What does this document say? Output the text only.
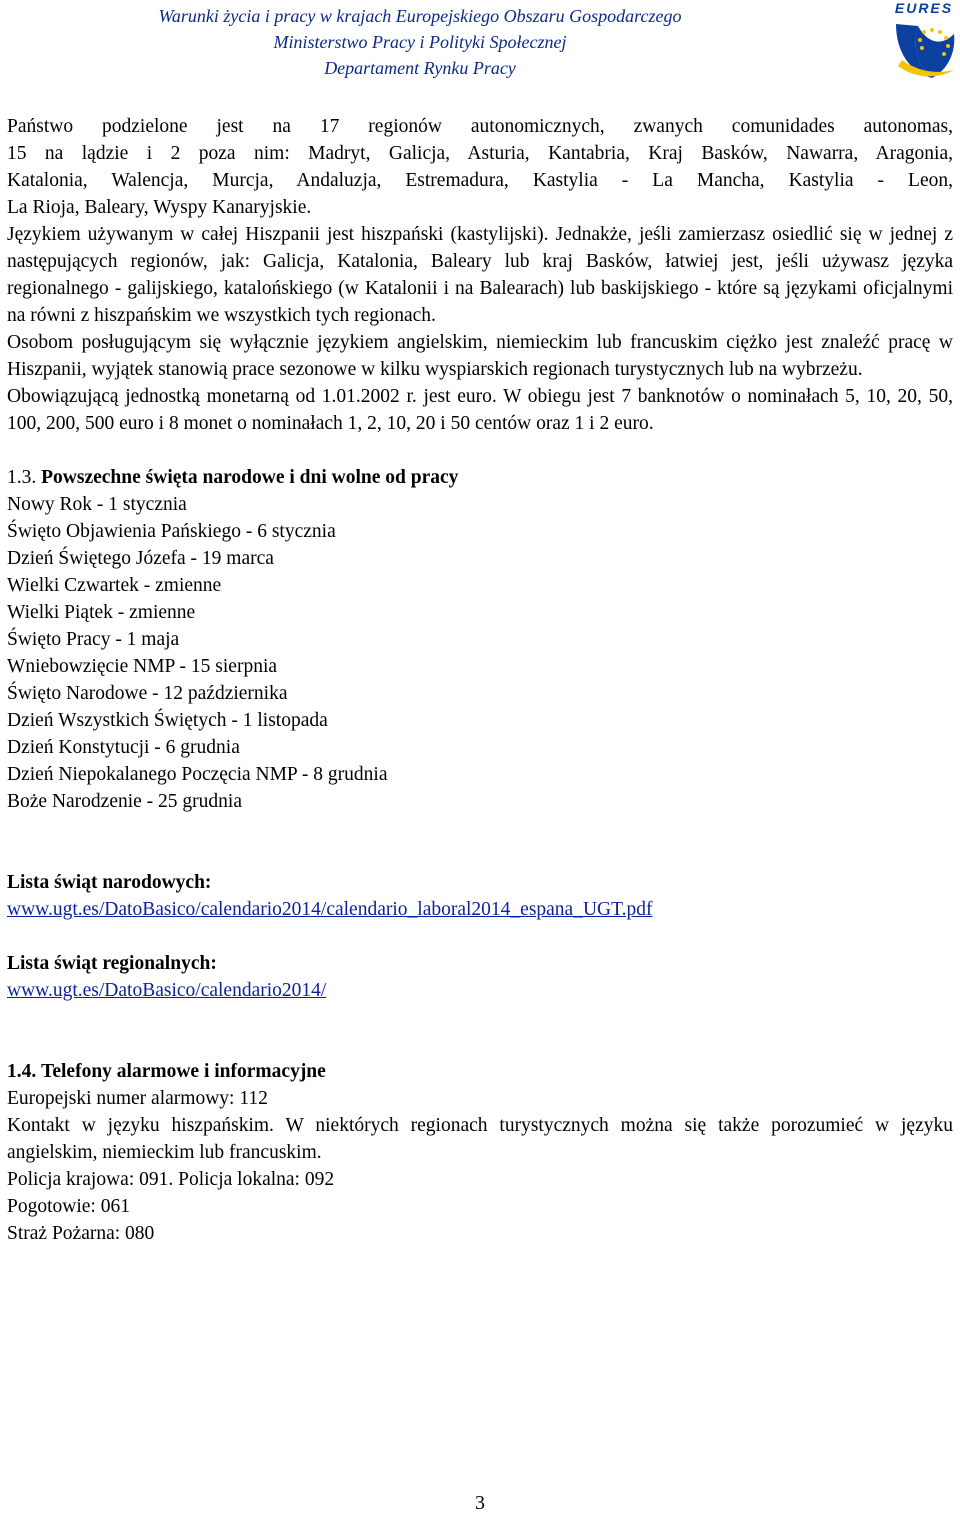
Warunki życia i pracy w krajach Europejskiego Obszaru Gospodarczego
Ministerstwo Pracy i Polityki Społecznej
Departament Rynku Pracy
EURES

Państwo podzielone jest na 17 regionów autonomicznych, zwanych comunidades autonomas,

15 na lądzie i 2 poza nim: Madryt, Galicja, Asturia, Kantabria, Kraj Basków, Nawarra, Aragonia,

Katalonia, Walencja, Murcja, Andaluzja, Estremadura, Kastylia - La Mancha, Kastylia - Leon,

La Rioja, Baleary, Wyspy Kanaryjskie.

Językiem używanym w całej Hiszpanii jest hiszpański (kastylijski). Jednakże, jeśli zamierzasz osiedlić się w jednej z następujących regionów, jak: Galicja, Katalonia, Baleary lub kraj Basków, łatwiej jest, jeśli używasz języka regionalnego - galijskiego, katalońskiego (w Katalonii i na Balearach) lub baskijskiego - które są językami oficjalnymi na równi z hiszpańskim we wszystkich tych regionach.

Osobom posługującym się wyłącznie językiem angielskim, niemieckim lub francuskim ciężko jest znaleźć pracę w Hiszpanii, wyjątek stanowią prace sezonowe w kilku wyspiarskich regionach turystycznych lub na wybrzeżu.

Obowiązującą jednostką monetarną od 1.01.2002 r. jest euro. W obiegu jest 7 banknotów o nominałach 5, 10, 20, 50, 100, 200, 500 euro i 8 monet o nominałach 1, 2, 10, 20 i 50 centów oraz 1 i 2 euro.

1.3. Powszechne święta narodowe i dni wolne od pracy

Nowy Rok - 1 stycznia
Święto Objawienia Pańskiego - 6 stycznia
Dzień Świętego Józefa - 19 marca
Wielki Czwartek - zmienne
Wielki Piątek - zmienne
Święto Pracy - 1 maja
Wniebowzięcie NMP - 15 sierpnia
Święto Narodowe - 12 października
Dzień Wszystkich Świętych - 1 listopada
Dzień Konstytucji - 6 grudnia
Dzień Niepokalanego Poczęcia NMP - 8 grudnia
Boże Narodzenie - 25 grudnia

Lista świąt narodowych:

www.ugt.es/DatoBasico/calendario2014/calendario_laboral2014_espana_UGT.pdf

Lista świąt regionalnych:

www.ugt.es/DatoBasico/calendario2014/

1.4. Telefony alarmowe i informacyjne

Europejski numer alarmowy: 112

Kontakt w języku hiszpańskim. W niektórych regionach turystycznych można się także porozumieć w języku angielskim, niemieckim lub francuskim.

Policja krajowa: 091. Policja lokalna: 092

Pogotowie: 061

Straż Pożarna: 080

3
